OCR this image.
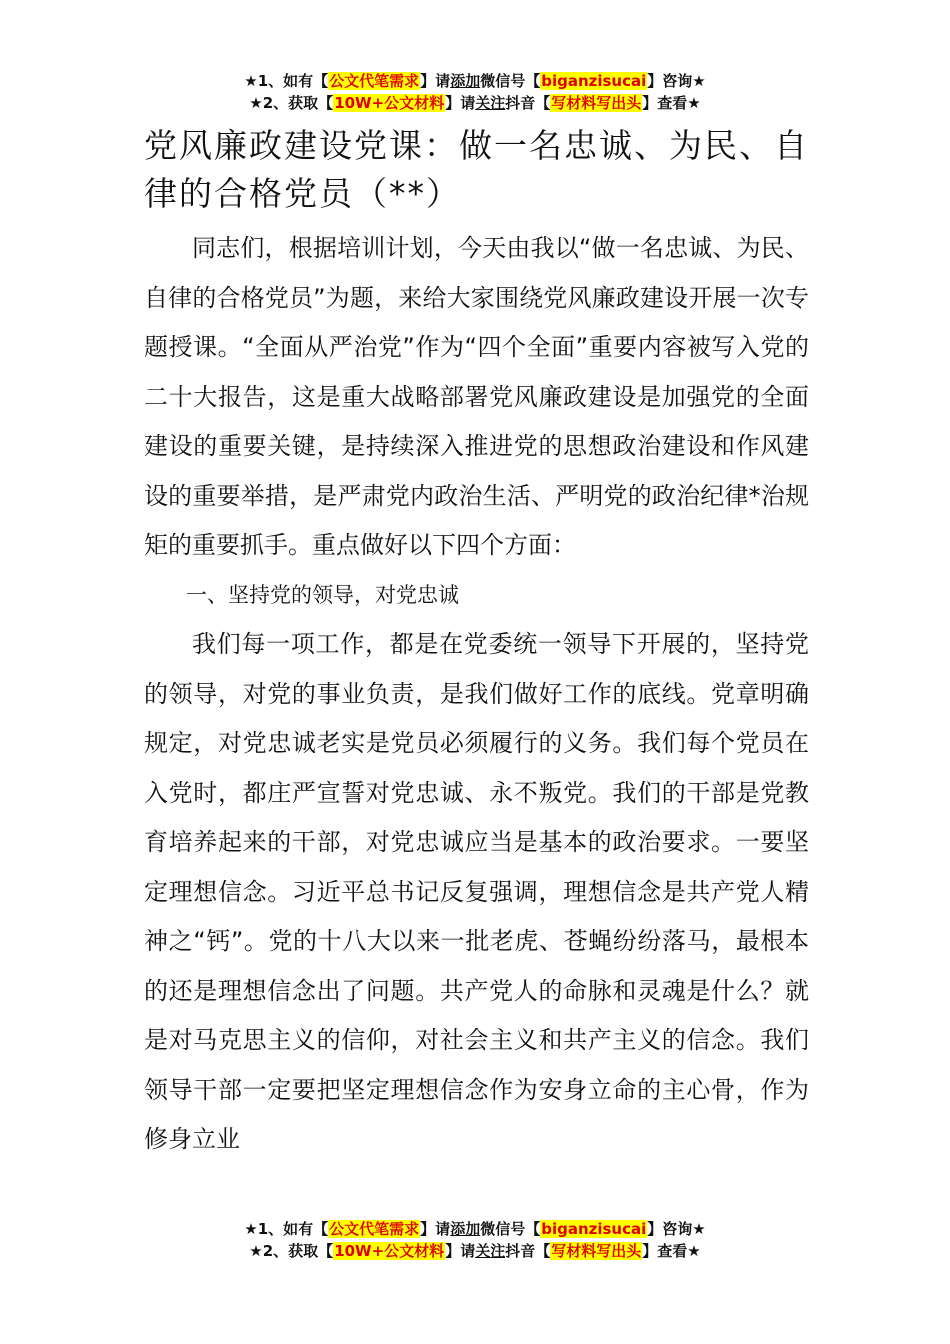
★1、如有【公文代笔需求】请添加微信号【biganzisucai】咨询★
★2、获取【10W+公文材料】请关注抖音【写材料写出头】查看★
党风廉政建设党课：做一名忠诚、为民、自律的合格党员（**）

同志们，根据培训计划，今天由我以“做一名忠诚、为民、自律的合格党员”为题，来给大家围绕党风廉政建设开展一次专题授课。“全面从严治党”作为“四个全面”重要内容被写入党的二十大报告，这是重大战略部署党风廉政建设是加强党的全面建设的重要关键，是持续深入推进党的思想政治建设和作风建设的重要举措，是严肃党内政治生活、严明党的政治纪律*治规矩的重要抓手。重点做好以下四个方面：

一、坚持党的领导，对党忠诚

我们每一项工作，都是在党委统一领导下开展的，坚持党的领导，对党的事业负责，是我们做好工作的底线。党章明确规定，对党忠诚老实是党员必须履行的义务。我们每个党员在入党时，都庄严宣誓对党忠诚、永不叛党。我们的干部是党教育培养起来的干部，对党忠诚应当是基本的政治要求。一要坚定理想信念。习近平总书记反复强调，理想信念是共产党人精神之“钙”。党的十八大以来一批老虎、苍蝇纷纷落马，最根本的还是理想信念出了问题。共产党人的命脉和灵魂是什么？就是对马克思主义的信仰，对社会主义和共产主义的信念。我们领导干部一定要把坚定理想信念作为安身立命的主心骨，作为修身立业

★1、如有【公文代笔需求】请添加微信号【biganzisucai】咨询★
★2、获取【10W+公文材料】请关注抖音【写材料写出头】查看★
